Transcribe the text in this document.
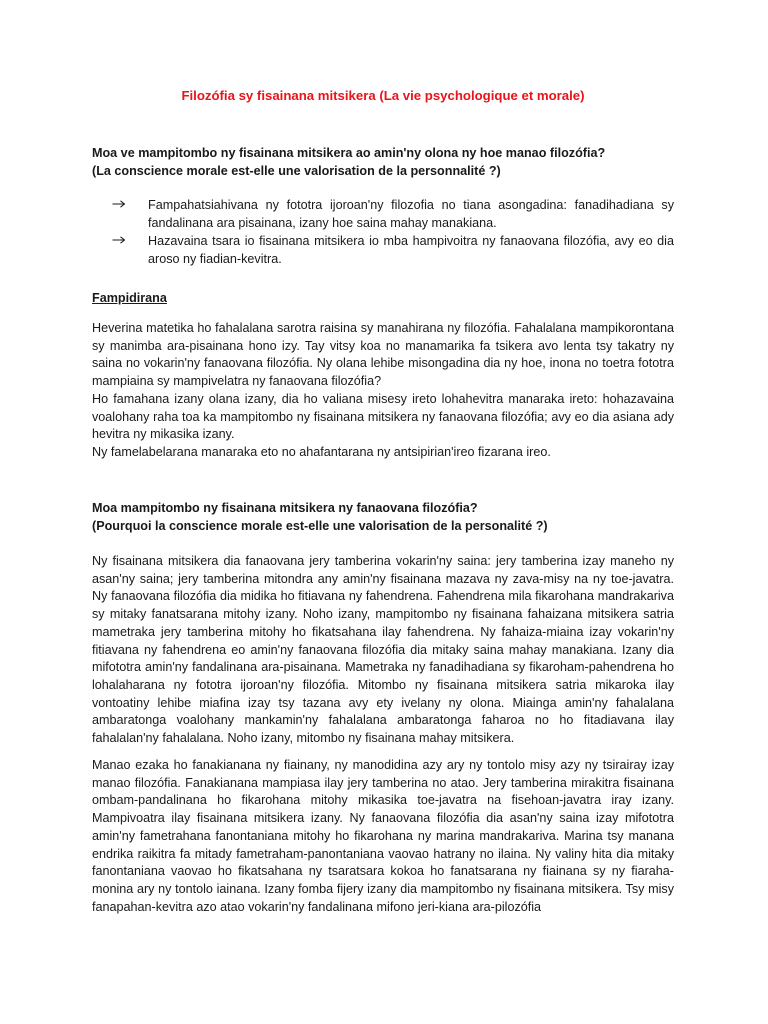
Filozófia sy fisainana mitsikera (La vie psychologique et morale)
Moa ve mampitombo ny fisainana mitsikera ao amin'ny olona ny hoe manao filozófia?
(La conscience morale est-elle une valorisation de la personnalité ?)
Fampahatsiahivana ny fototra ijoroan'ny filozofia no tiana asongadina: fanadihadiana sy fandalinana ara pisainana, izany hoe saina mahay manakiana.
Hazavaina tsara io fisainana mitsikera io mba hampivoitra ny fanaovana filozófia, avy eo dia aroso ny fiadian-kevitra.
Fampidirana
Heverina matetika ho fahalalana sarotra raisina sy manahirana ny filozófia. Fahalalana mampikorontana sy manimba ara-pisainana hono izy. Tay vitsy koa no manamarika fa tsikera avo lenta tsy takatry ny saina no vokarin'ny fanaovana filozófia. Ny olana lehibe misongadina dia ny hoe, inona no toetra fototra mampiaina sy mampivelatra ny fanaovana filozófia?
Ho famahana izany olana izany, dia ho valiana misesy ireto lohahevitra manaraka ireto: hohazavaina voalohany raha toa ka mampitombo ny fisainana mitsikera ny fanaovana filozófia; avy eo dia asiana ady hevitra ny mikasika izany.
Ny famelabelarana manaraka eto no ahafantarana ny antsipirian'ireo fizarana ireo.
Moa mampitombo ny fisainana mitsikera ny fanaovana filozófia?
(Pourquoi la conscience morale est-elle une valorisation de la personalité ?)

Ny fisainana mitsikera dia fanaovana jery tamberina vokarin'ny saina: jery tamberina izay maneho ny asan'ny saina; jery tamberina mitondra any amin'ny fisainana mazava ny zava-misy na ny toe-javatra. Ny fanaovana filozófia dia midika ho fitiavana ny fahendrena. Fahendrena mila fikarohana mandrakariva sy mitaky fanatsarana mitohy izany. Noho izany, mampitombo ny fisainana fahaizana mitsikera satria mametraka jery tamberina mitohy ho fikatsahana ilay fahendrena. Ny fahaiza-miaina izay vokarin'ny fitiavana ny fahendrena eo amin'ny fanaovana filozófia dia mitaky saina mahay manakiana. Izany dia mifototra amin'ny fandalinana ara-pisainana. Mametraka ny fanadihadiana sy fikaroham-pahendrena ho lohalaharana ny fototra ijoroan'ny filozófia. Mitombo ny fisainana mitsikera satria mikaroka ilay vontoatiny lehibe miafina izay tsy tazana avy ety ivelany ny olona. Miainga amin'ny fahalalana ambaratonga voalohany mankamin'ny fahalalana ambaratonga faharoa no ho fitadiavana ilay fahalalan'ny fahalalana. Noho izany, mitombo ny fisainana mahay mitsikera.

Manao ezaka ho fanakianana ny fiainany, ny manodidina azy ary ny tontolo misy azy ny tsirairay izay manao filozófia. Fanakianana mampiasa ilay jery tamberina no atao. Jery tamberina mirakitra fisainana ombam-pandalinana ho fikarohana mitohy mikasika toe-javatra na fisehoan-javatra iray izany. Mampivoatra ilay fisainana mitsikera izany. Ny fanaovana filozófia dia asan'ny saina izay mifototra amin'ny fametrahana fanontaniana mitohy ho fikarohana ny marina mandrakariva. Marina tsy manana endrika raikitra fa mitady fametraham-panontaniana vaovao hatrany no ilaina. Ny valiny hita dia mitaky fanontaniana vaovao ho fikatsahana ny tsaratsara kokoa ho fanatsarana ny fiainana sy ny fiaraha-monina ary ny tontolo iainana. Izany fomba fijery izany dia mampitombo ny fisainana mitsikera. Tsy misy fanapahan-kevitra azo atao vokarin'ny fandalinana mifono jeri-kiana ara-pilozófia
